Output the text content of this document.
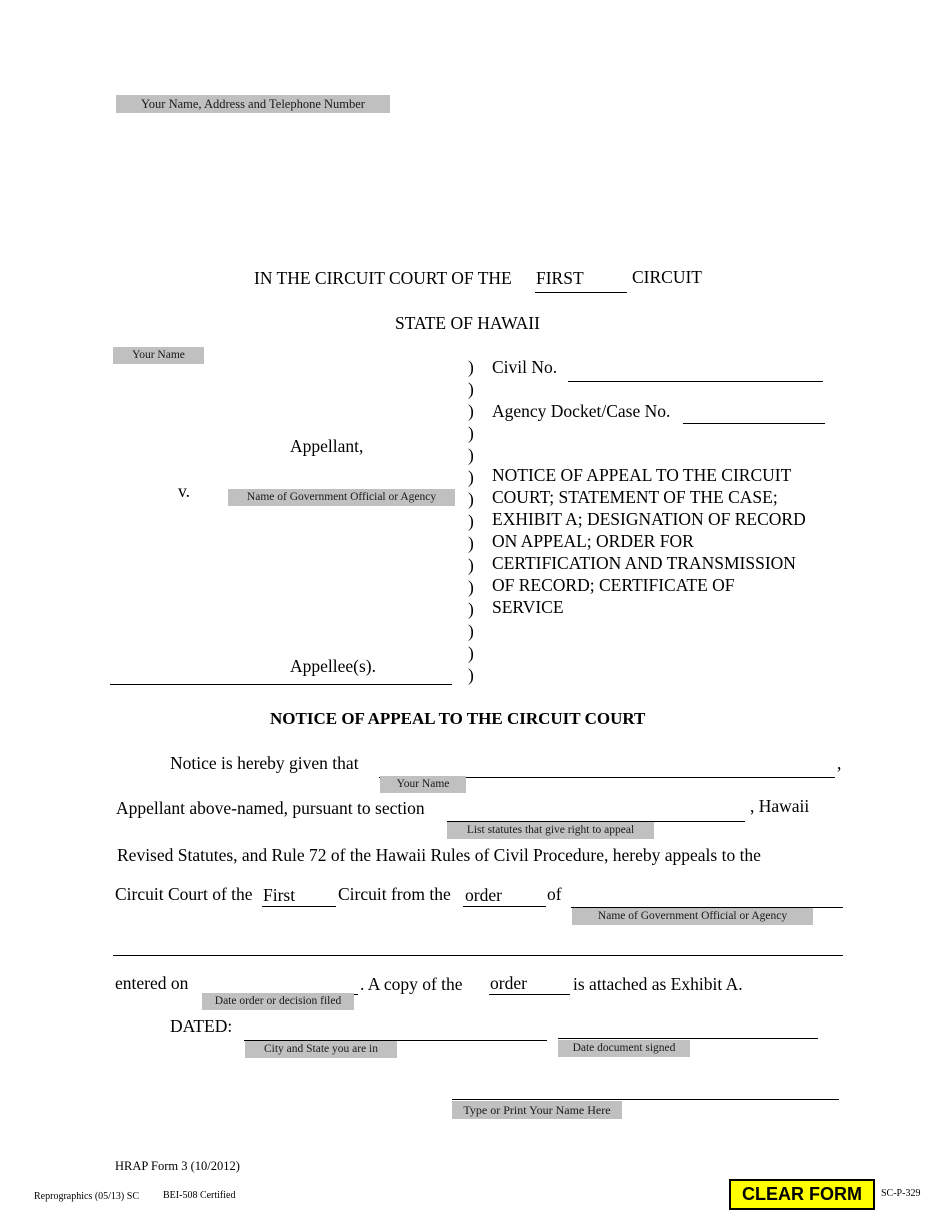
Your Name, Address and Telephone Number
IN THE CIRCUIT COURT OF THE FIRST	CIRCUIT
STATE OF HAWAII
Your Name
Appellant,
v.	Name of Government Official or Agency
Appellee(s).
)
)
)
)
)
)
)
)
)
)
)
)
)
)
)
Civil No.
Agency Docket/Case No.
NOTICE OF APPEAL TO THE CIRCUIT
COURT; STATEMENT OF THE CASE;
EXHIBIT A; DESIGNATION OF RECORD
ON APPEAL; ORDER FOR
CERTIFICATION AND TRANSMISSION
OF RECORD; CERTIFICATE OF
SERVICE
NOTICE OF APPEAL TO THE CIRCUIT COURT
Notice is hereby given that	,
Your Name
Appellant above-named, pursuant to section	, Hawaii
List statutes that give right to appeal
Revised Statutes, and Rule 72 of the Hawaii Rules of Civil Procedure, hereby appeals to the
Circuit Court of the First Circuit from the order	of
Name of Government Official or Agency
entered on
Date order or decision filed
. A copy of the order	is attached as Exhibit A.
DATED:
City and State you are in	Date document signed
Type or Print Your Name Here
HRAP Form 3 (10/2012)
Reprographics (05/13) SC BEI-508 Certified	CLEAR FORM	SC-P-329
